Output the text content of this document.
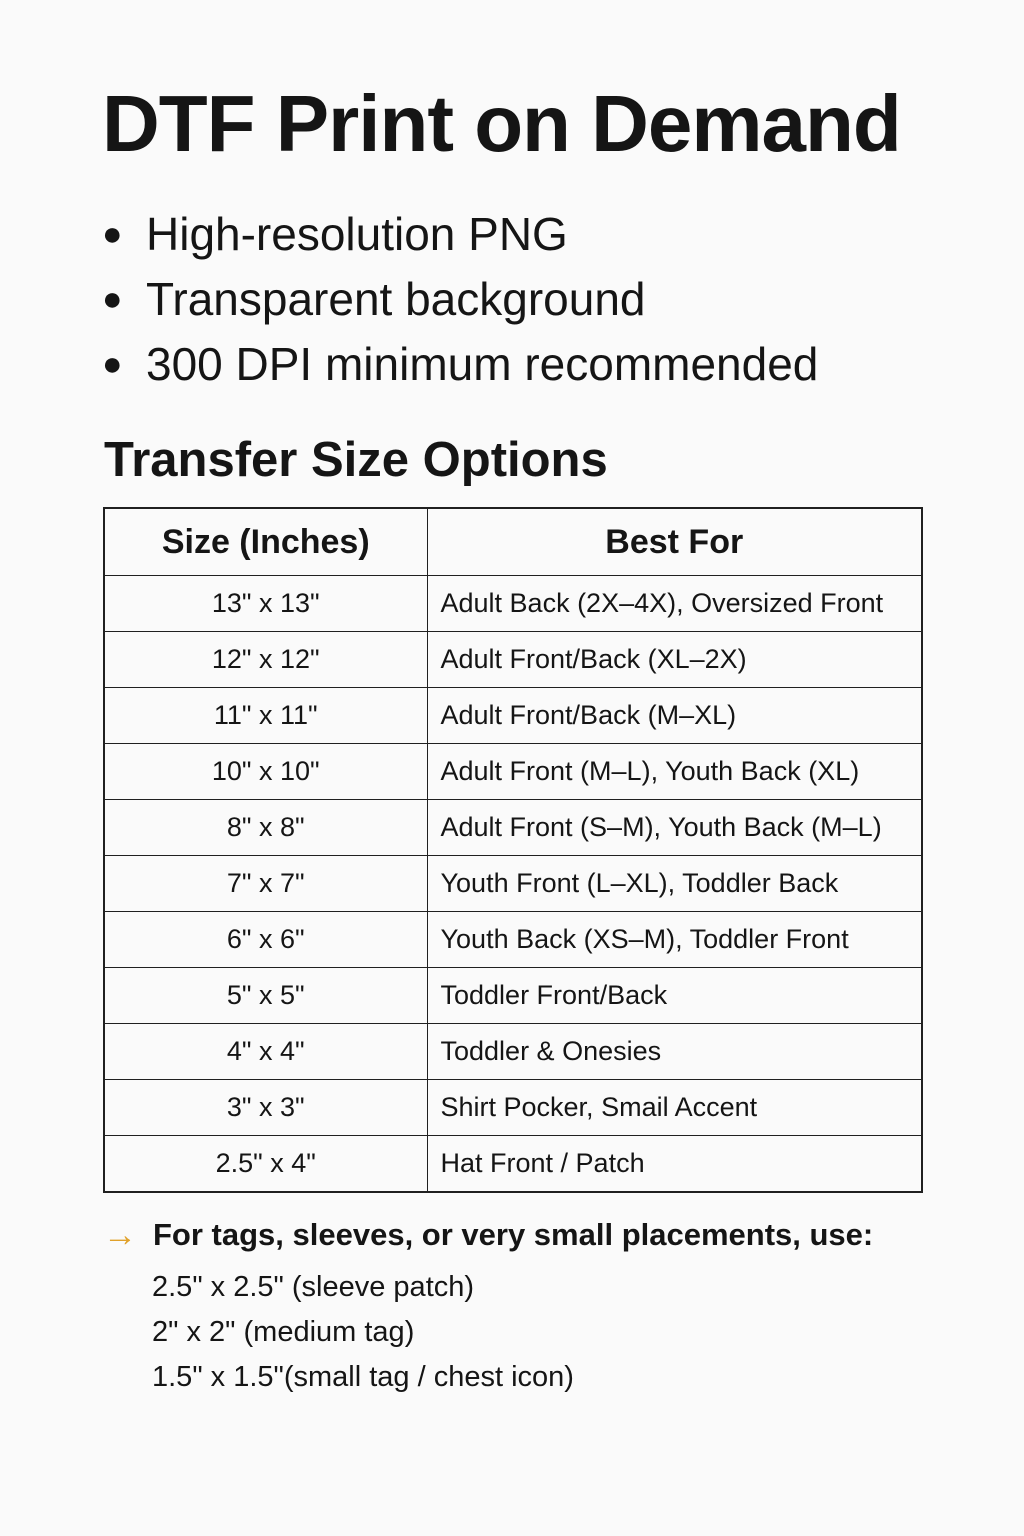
DTF Print on Demand
● High-resolution PNG
● Transparent background
● 300 DPI minimum recommended
Transfer Size Options
Size (Inches)	Best For
13" x 13"	Adult Back (2X–4X), Oversized Front
12" x 12"	Adult Front/Back (XL–2X)
11" x 11"	Adult Front/Back (M–XL)
10" x 10"	Adult Front (M–L), Youth Back (XL)
8" x 8"	Adult Front (S–M), Youth Back (M–L)
7" x 7"	Youth Front (L–XL), Toddler Back
6" x 6"	Youth Back (XS–M), Toddler Front
5" x 5"	Toddler Front/Back
4" x 4"	Toddler & Onesies
3" x 3"	Shirt Pocker, Smail Accent
2.5" x 4"	Hat Front / Patch
→ For tags, sleeves, or very small placements, use:
2.5" x 2.5" (sleeve patch)
2" x 2" (medium tag)
1.5" x 1.5"(small tag / chest icon)
